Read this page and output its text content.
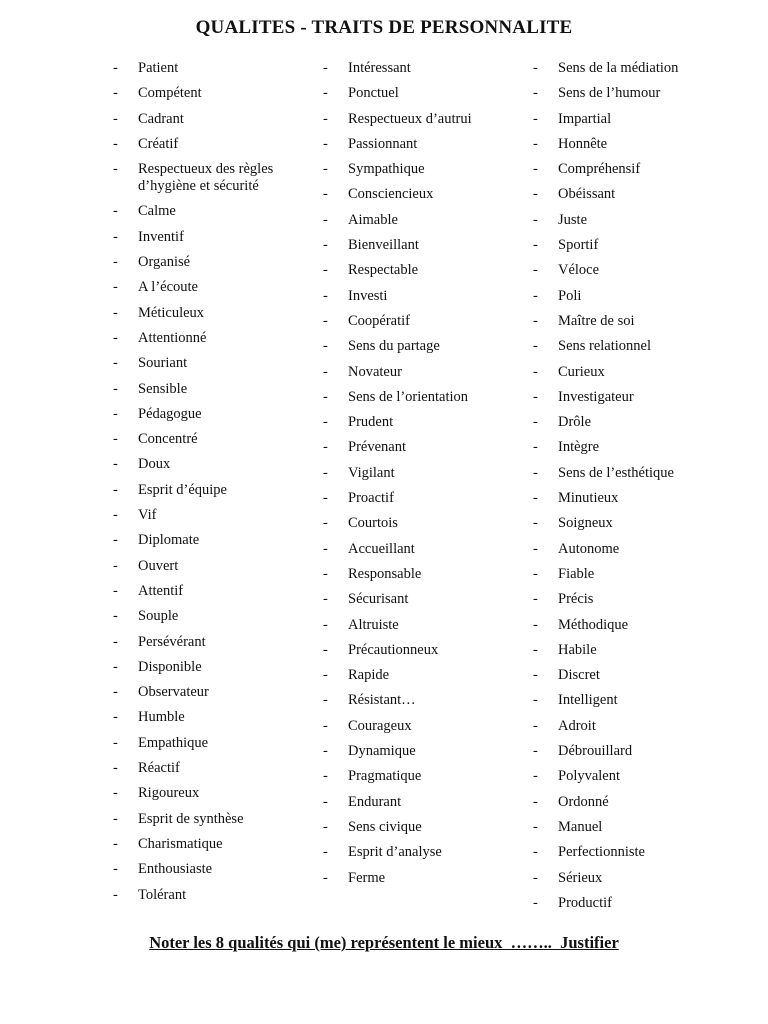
QUALITES - TRAITS DE PERSONNALITE
-	Patient
-	Compétent
-	Cadrant
-	Créatif
-	Respectueux des règles d’hygiène et sécurité
-	Calme
-	Inventif
-	Organisé
-	A l’écoute
-	Méticuleux
-	Attentionné
-	Souriant
-	Sensible
-	Pédagogue
-	Concentré
-	Doux
-	Esprit d’équipe
-	Vif
-	Diplomate
-	Ouvert
-	Attentif
-	Souple
-	Persévérant
-	Disponible
-	Observateur
-	Humble
-	Empathique
-	Réactif
-	Rigoureux
-	Esprit de synthèse
-	Charismatique
-	Enthousiaste
-	Tolérant
-	Intéressant
-	Ponctuel
-	Respectueux d’autrui
-	Passionnant
-	Sympathique
-	Consciencieux
-	Aimable
-	Bienveillant
-	Respectable
-	Investi
-	Coopératif
-	Sens du partage
-	Novateur
-	Sens de l’orientation
-	Prudent
-	Prévenant
-	Vigilant
-	Proactif
-	Courtois
-	Accueillant
-	Responsable
-	Sécurisant
-	Altruiste
-	Précautionneux
-	Rapide
-	Résistant…
-	Courageux
-	Dynamique
-	Pragmatique
-	Endurant
-	Sens civique
-	Esprit d’analyse
-	Ferme
-	Sens de la médiation
-	Sens de l’humour
-	Impartial
-	Honnête
-	Compréhensif
-	Obéissant
-	Juste
-	Sportif
-	Véloce
-	Poli
-	Maître de soi
-	Sens relationnel
-	Curieux
-	Investigateur
-	Drôle
-	Intègre
-	Sens de l’esthétique
-	Minutieux
-	Soigneux
-	Autonome
-	Fiable
-	Précis
-	Méthodique
-	Habile
-	Discret
-	Intelligent
-	Adroit
-	Débrouillard
-	Polyvalent
-	Ordonné
-	Manuel
-	Perfectionniste
-	Sérieux
-	Productif
Noter les 8 qualités qui (me) représentent le mieux  ……..  Justifier
